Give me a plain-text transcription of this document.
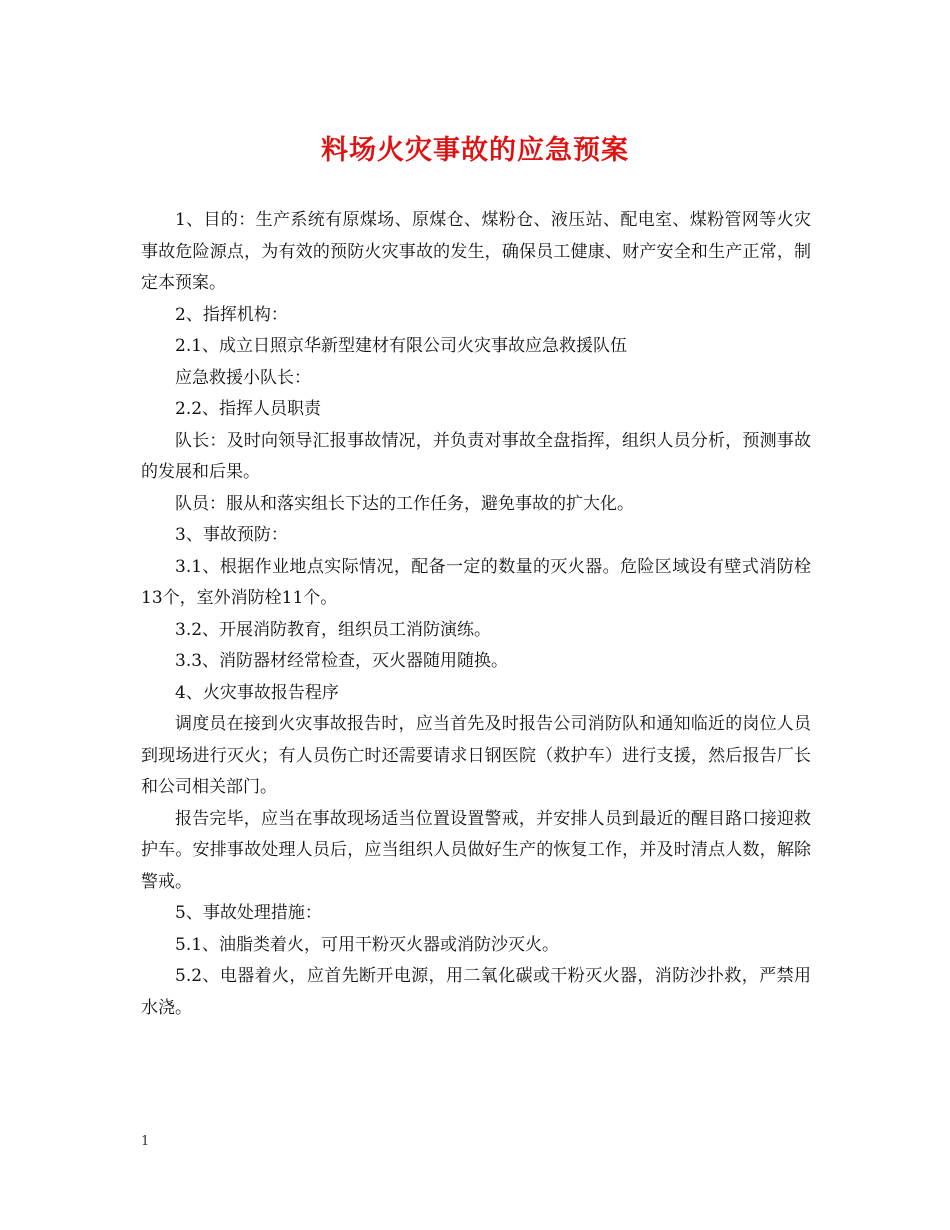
料场火灾事故的应急预案

1、目的：生产系统有原煤场、原煤仓、煤粉仓、液压站、配电室、煤粉管网等火灾事故危险源点，为有效的预防火灾事故的发生，确保员工健康、财产安全和生产正常，制定本预案。

2、指挥机构：

2.1、成立日照京华新型建材有限公司火灾事故应急救援队伍

应急救援小队长：

2.2、指挥人员职责

队长：及时向领导汇报事故情况，并负责对事故全盘指挥，组织人员分析，预测事故的发展和后果。

队员：服从和落实组长下达的工作任务，避免事故的扩大化。

3、事故预防：

3.1、根据作业地点实际情况，配备一定的数量的灭火器。危险区域设有壁式消防栓13个，室外消防栓11个。

3.2、开展消防教育，组织员工消防演练。

3.3、消防器材经常检查，灭火器随用随换。

4、火灾事故报告程序

调度员在接到火灾事故报告时，应当首先及时报告公司消防队和通知临近的岗位人员到现场进行灭火；有人员伤亡时还需要请求日钢医院（救护车）进行支援，然后报告厂长和公司相关部门。

报告完毕，应当在事故现场适当位置设置警戒，并安排人员到最近的醒目路口接迎救护车。安排事故处理人员后，应当组织人员做好生产的恢复工作，并及时清点人数，解除警戒。

5、事故处理措施：

5.1、油脂类着火，可用干粉灭火器或消防沙灭火。

5.2、电器着火，应首先断开电源，用二氧化碳或干粉灭火器，消防沙扑救，严禁用水浇。

1
